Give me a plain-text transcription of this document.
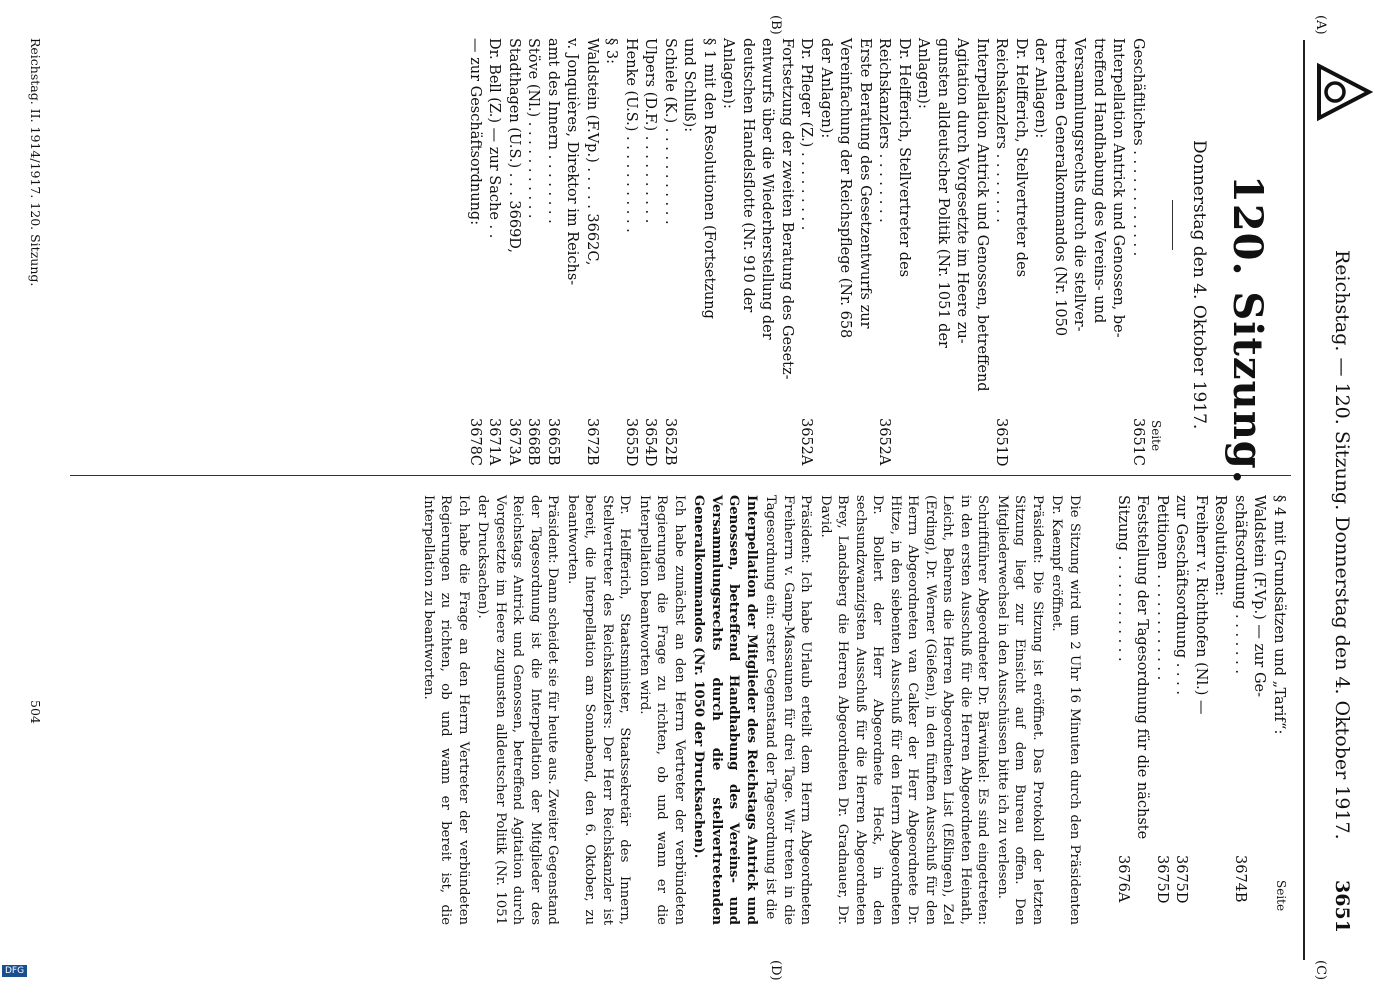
(A)
(B)
(C)
(D)
Reichstag. — 120. Sitzung. Donnerstag den 4. Oktober 1917.
3651
120. Sitzung.
Donnerstag den 4. Oktober 1917.
Seite
Seite
Geschäftliches . . . . . . . . . . . .
3651C
Interpellation Antrick und Genossen, be-
treffend Handhabung des Vereins- und
Versammlungsrechts durch die stellver-
tretenden Generalkommandos (Nr. 1050
der Anlagen):
Dr. Helfferich, Stellvertreter des
Reichskanzlers . . . . . . . .
3651D
Interpellation Antrick und Genossen, betreffend
Agitation durch Vorgesetzte im Heere zu-
gunsten alldeutscher Politik (Nr. 1051 der
Anlagen):
Dr. Helfferich, Stellvertreter des
Reichskanzlers . . . . . . . .
3652A
Erste Beratung des Gesetzentwurfs zur
Vereinfachung der Reichspflege (Nr. 658
der Anlagen):
Dr. Pfleger (Z.) . . . . . . . . .
3652A
Fortsetzung der zweiten Beratung des Gesetz-
entwurfs über die Wiederherstellung der
deutschen Handelsflotte (Nr. 910 der
Anlagen):
§ 1 mit den Resolutionen (Fortsetzung
und Schluß):
Schiele (K.) . . . . . . . . . . .
3652B
Ulpers (D.F.) . . . . . . . . . .
3654D
Henke (U.S.) . . . . . . . . . . .
3655D
§ 3:
Waldstein (F.Vp.) . . . . . 3662C,
3672B
v. Jonquières, Direktor im Reichs-
amt des Innern . . . . . . . .
3665B
Stöve (Nl.) . . . . . . . . . . .
3668B
Stadthagen (U.S.) . . . 3669D,
3673A
Dr. Bell (Z.) — zur Sache . .
3671A
— zur Geschäftsordnung:
3678C
§ 4 mit Grundsätzen und „Tarif“:
Waldstein (F.Vp.) — zur Ge-
schäftsordnung . . . . . . .
3674B
Resolutionen:
Freiherr v. Richthofen (Nl.) —
zur Geschäftsordnung . . . .
3675D
Petitionen . . . . . . . . . . . .
3675D
Feststellung der Tagesordnung für die nächste
Sitzung . . . . . . . . . . . .
3676A

Die Sitzung wird um 2 Uhr 16 Minuten durch den Präsidenten Dr. Kaempf eröffnet.

Präsident: Die Sitzung ist eröffnet. Das Protokoll der letzten Sitzung liegt zur Einsicht auf dem Bureau offen. Den Mitgliederwechsel in den Ausschüssen bitte ich zu verlesen.

Schriftführer Abgeordneter Dr. Bärwinkel: Es sind eingetreten: in den ersten Ausschuß für die Herren Abgeordneten Heinath, Leicht, Behrens die Herren Abgeordneten List (Eßlingen), Zel (Erding), Dr. Werner (Gießen), in den fünften Ausschuß für den Herrn Abgeordneten van Calker der Herr Abgeordnete Dr. Hitze, in den siebenten Ausschuß für den Herrn Abgeordneten Dr. Bollert der Herr Abgeordnete Heck, in den sechsundzwanzigsten Ausschuß für die Herren Abgeordneten Brey, Landsberg die Herren Abgeordneten Dr. Gradnauer, Dr. David.

Präsident: Ich habe Urlaub erteilt dem Herrn Abgeordneten Freiherrn v. Gamp-Massaunen für drei Tage. Wir treten in die Tagesordnung ein: erster Gegenstand der Tagesordnung ist die

Interpellation der Mitglieder des Reichstags Antrick und Genossen, betreffend Handhabung des Vereins- und Versammlungsrechts durch die stellvertretenden Generalkommandos (Nr. 1050 der Drucksachen).

Ich habe zunächst an den Herrn Vertreter der verbündeten Regierungen die Frage zu richten, ob und wann er die Interpellation beantworten wird.

Dr. Helfferich, Staatsminister, Staatssekretär des Innern, Stellvertreter des Reichskanzlers: Der Herr Reichskanzler ist bereit, die Interpellation am Sonnabend, den 6. Oktober, zu beantworten.

Präsident: Dann scheidet sie für heute aus. Zweiter Gegenstand der Tagesordnung ist die Interpellation der Mitglieder des Reichstags Antrick und Genossen, betreffend Agitation durch Vorgesetzte im Heere zugunsten alldeutscher Politik (Nr. 1051 der Drucksachen).

Ich habe die Frage an den Herrn Vertreter der verbündeten Regierungen zu richten, ob und wann er bereit ist, die Interpellation zu beantworten.

Reichstag. II. 1914/1917. 120. Sitzung.
504
DFG
